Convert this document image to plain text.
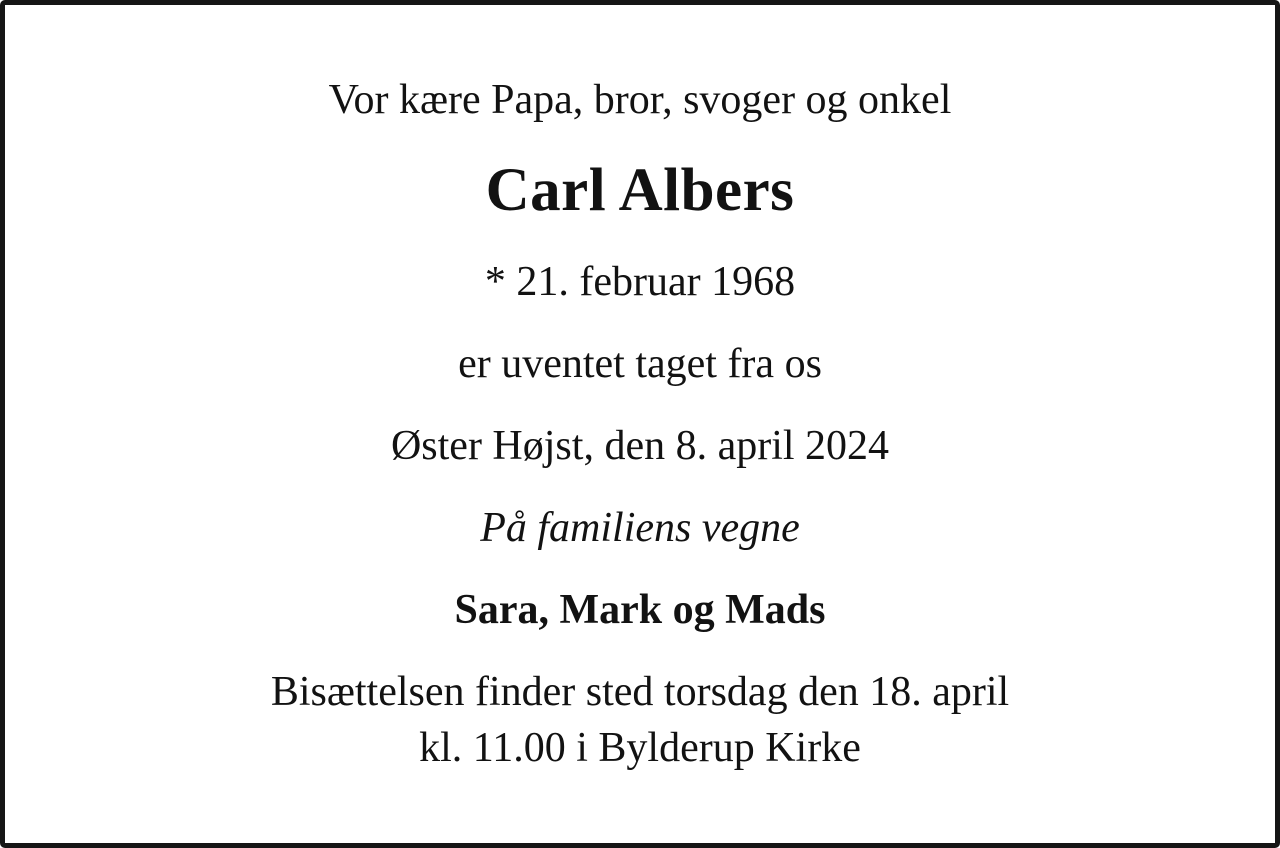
Vor kære Papa, bror, svoger og onkel

Carl Albers

* 21. februar 1968

er uventet taget fra os

Øster Højst, den 8. april 2024

På familiens vegne

Sara, Mark og Mads

Bisættelsen finder sted torsdag den 18. april
kl. 11.00 i Bylderup Kirke
